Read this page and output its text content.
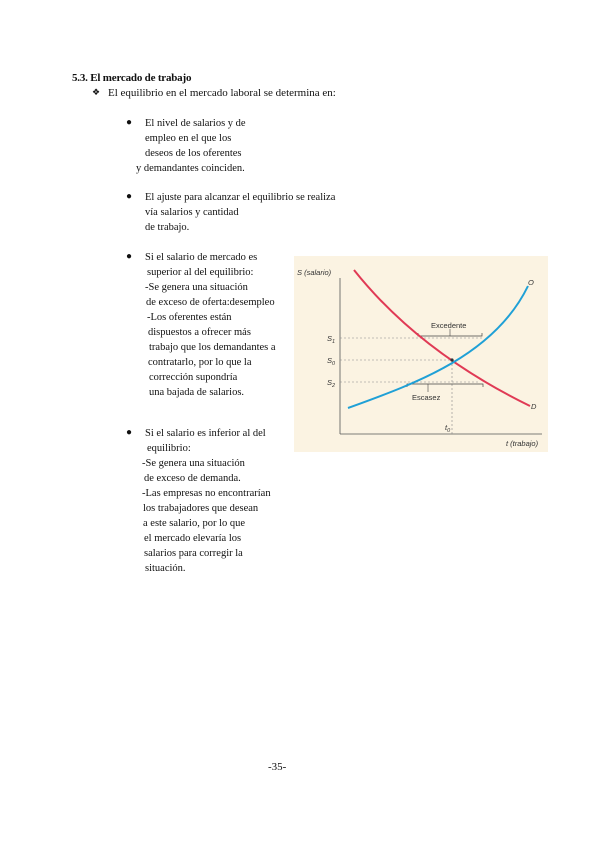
5.3. El mercado de trabajo
❖ El equilibrio en el mercado laboral se determina en:
● El nivel de salarios y de
empleo en el que los
deseos de los oferentes
y demandantes coinciden.
● El ajuste para alcanzar el equilibrio se realiza
vía salarios y cantidad
de trabajo.
● Si el salario de mercado es
superior al del equilibrio:
-Se genera una situación
de exceso de oferta:desempleo
-Los oferentes están
dispuestos a ofrecer más
trabajo que los demandantes a
contratarlo, por lo que la
corrección supondría
una bajada de salarios.
● Si el salario es inferior al del
equilibrio:
-Se genera una situación
de exceso de demanda.
-Las empresas no encontrarían
los trabajadores que desean
a este salario, por lo que
el mercado elevaría los
salarios para corregir la
situación.
S (salario)
t (trabajo)
O
D
$S_1$
$S_0$
$S_2$
$t_0$
Excedente
Escasez
-35-
